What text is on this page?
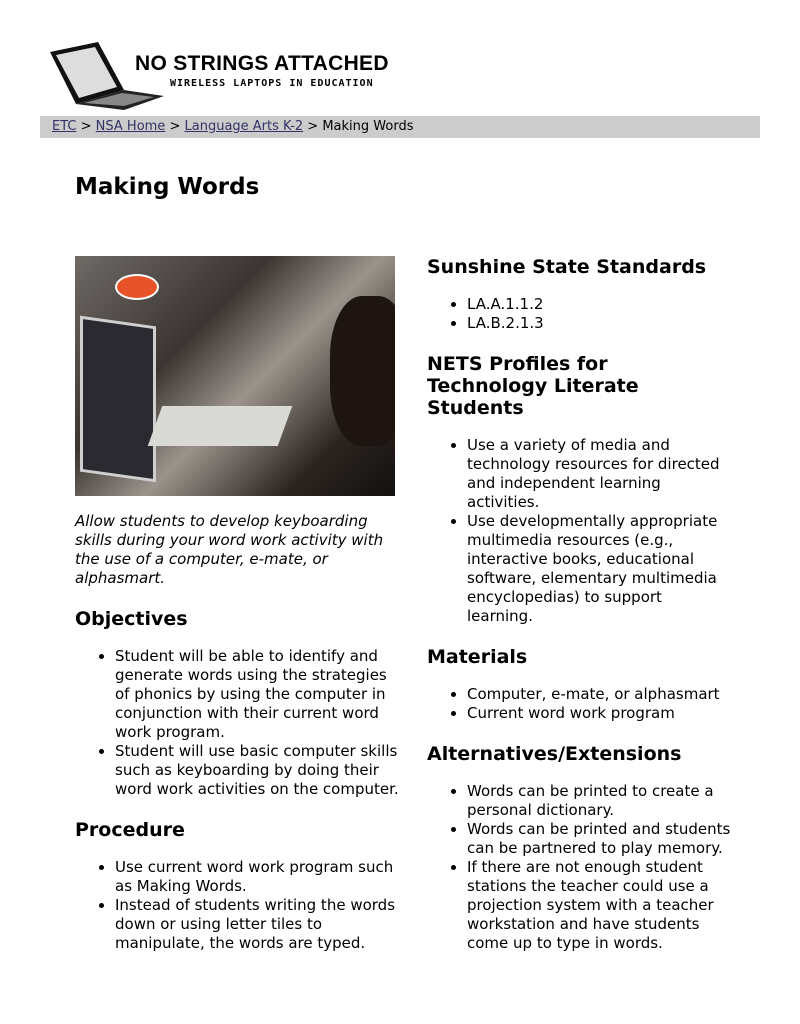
NO STRINGS ATTACHED
WIRELESS LAPTOPS IN EDUCATION
ETC > NSA Home > Language Arts K-2 > Making Words
Making Words
Allow students to develop keyboarding skills during your word work activity with the use of a computer, e-mate, or alphasmart.
Objectives
• Student will be able to identify and generate words using the strategies of phonics by using the computer in conjunction with their current word work program.
• Student will use basic computer skills such as keyboarding by doing their word work activities on the computer.
Procedure
• Use current word work program such as Making Words.
• Instead of students writing the words down or using letter tiles to manipulate, the words are typed.
Sunshine State Standards
• LA.A.1.1.2
• LA.B.2.1.3
NETS Profiles for Technology Literate Students
• Use a variety of media and technology resources for directed and independent learning activities.
• Use developmentally appropriate multimedia resources (e.g., interactive books, educational software, elementary multimedia encyclopedias) to support learning.
Materials
• Computer, e-mate, or alphasmart
• Current word work program
Alternatives/Extensions
• Words can be printed to create a personal dictionary.
• Words can be printed and students can be partnered to play memory.
• If there are not enough student stations the teacher could use a projection system with a teacher workstation and have students come up to type in words.
